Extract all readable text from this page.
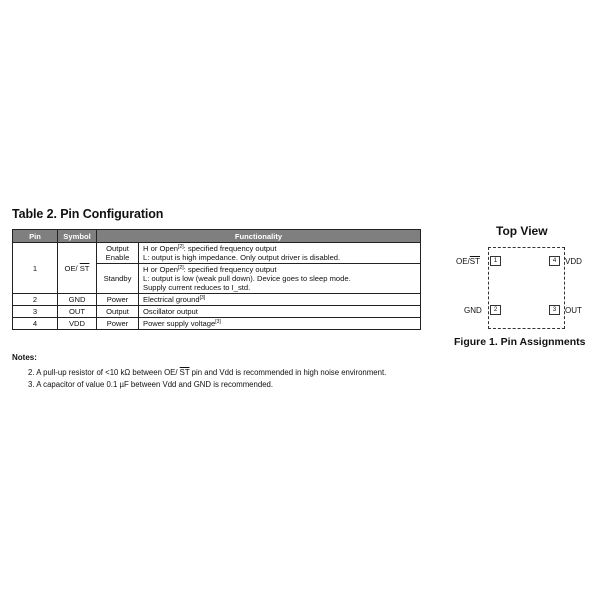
Table 2. Pin Configuration
Pin	Symbol	Functionality	
1	OE/ $\overline{ST}$	Output Enable	H or Open[2]: specified frequency output
L: output is high impedance. Only output driver is disabled.

		Standby	H or Open[2]: specified frequency output
L: output is low (weak pull down). Device goes to sleep mode.
Supply current reduces to I_std.

2	GND	Power	Electrical ground[3]
3	OUT	Output	Oscillator output
4	VDD	Power	Power supply voltage[3]
Notes:
2. A pull-up resistor of <10 kΩ between OE/ $\overline{ST}$ pin and Vdd is recommended in high noise environment.
3. A capacitor of value 0.1 µF between Vdd and GND is recommended.
Top View
1
2	3
4
$OE/\overline{ST}$
GND	OUT
VDD
Figure 1. Pin Assignments
